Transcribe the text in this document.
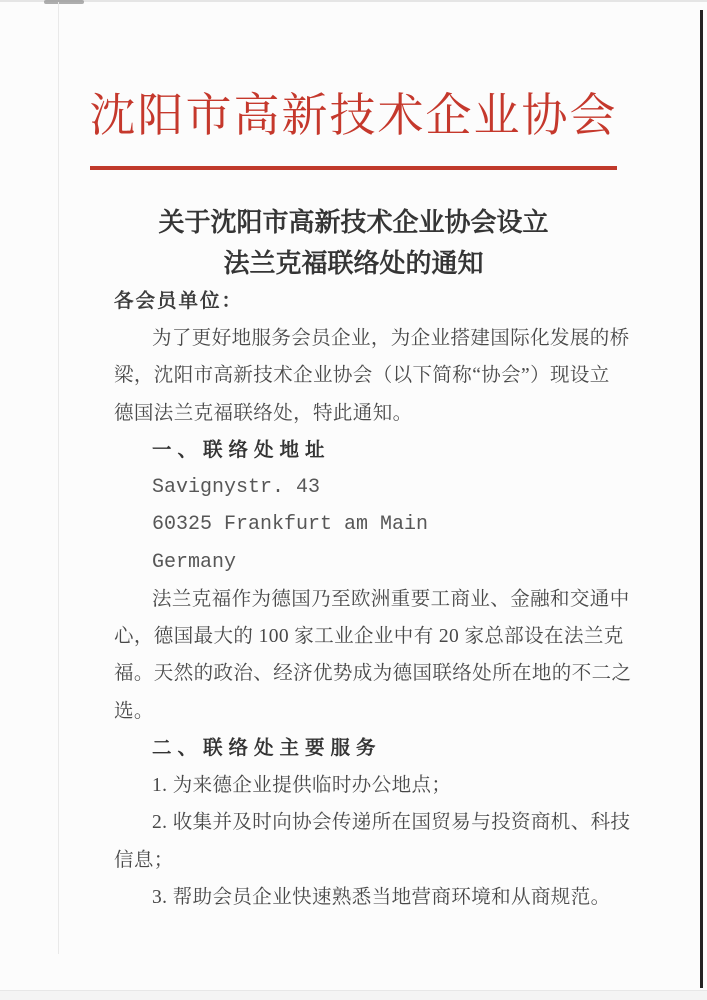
沈阳市高新技术企业协会
关于沈阳市高新技术企业协会设立
法兰克福联络处的通知
各会员单位：
为了更好地服务会员企业，为企业搭建国际化发展的桥
梁，沈阳市高新技术企业协会（以下简称“协会”）现设立
德国法兰克福联络处，特此通知。
一、联络处地址
Savignystr. 43
60325 Frankfurt am Main
Germany
法兰克福作为德国乃至欧洲重要工商业、金融和交通中
心，德国最大的 100 家工业企业中有 20 家总部设在法兰克
福。天然的政治、经济优势成为德国联络处所在地的不二之
选。
二、联络处主要服务
1. 为来德企业提供临时办公地点；
2. 收集并及时向协会传递所在国贸易与投资商机、科技
信息；
3. 帮助会员企业快速熟悉当地营商环境和从商规范。
